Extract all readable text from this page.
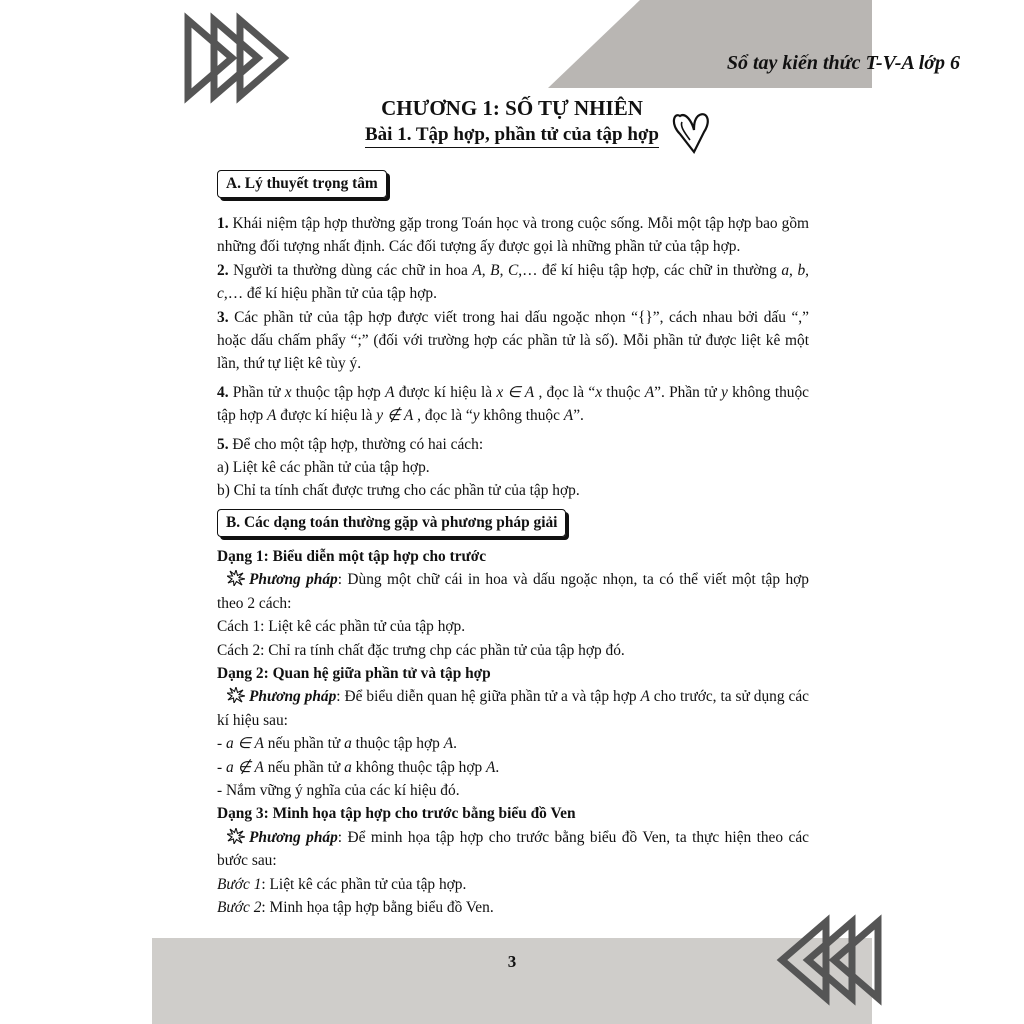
Sổ tay kiến thức T-V-A lớp 6
CHƯƠNG 1: SỐ TỰ NHIÊN
Bài 1. Tập hợp, phần tử của tập hợp
A. Lý thuyết trọng tâm

1. Khái niệm tập hợp thường gặp trong Toán học và trong cuộc sống. Mỗi một tập hợp bao gồm những đối tượng nhất định. Các đối tượng ấy được gọi là những phần tử của tập hợp.

2. Người ta thường dùng các chữ in hoa A, B, C,… để kí hiệu tập hợp, các chữ in thường a, b, c,… để kí hiệu phần tử của tập hợp.

3. Các phần tử của tập hợp được viết trong hai dấu ngoặc nhọn “{}”, cách nhau bởi dấu “,” hoặc dấu chấm phẩy “;” (đối với trường hợp các phần tử là số). Mỗi phần tử được liệt kê một lần, thứ tự liệt kê tùy ý.

4. Phần tử x thuộc tập hợp A được kí hiệu là x ∈ A , đọc là “x thuộc A”. Phần tử y không thuộc tập hợp A được kí hiệu là y ∉ A , đọc là “y không thuộc A”.

5. Để cho một tập hợp, thường có hai cách:

a) Liệt kê các phần tử của tập hợp.

b) Chỉ ta tính chất được trưng cho các phần tử của tập hợp.

B. Các dạng toán thường gặp và phương pháp giải

Dạng 1: Biểu diễn một tập hợp cho trước

Phương pháp: Dùng một chữ cái in hoa và dấu ngoặc nhọn, ta có thể viết một tập hợp theo 2 cách:

Cách 1: Liệt kê các phần tử của tập hợp.

Cách 2: Chỉ ra tính chất đặc trưng chp các phần tử của tập hợp đó.

Dạng 2: Quan hệ giữa phần tử và tập hợp

Phương pháp: Để biểu diễn quan hệ giữa phần tử a và tập hợp A cho trước, ta sử dụng các kí hiệu sau:

- a ∈ A nếu phần tử a thuộc tập hợp A.

- a ∉ A nếu phần tử a không thuộc tập hợp A.

- Nắm vững ý nghĩa của các kí hiệu đó.

Dạng 3: Minh họa tập hợp cho trước bằng biểu đồ Ven

Phương pháp: Để minh họa tập hợp cho trước bằng biểu đồ Ven, ta thực hiện theo các bước sau:

Bước 1: Liệt kê các phần tử của tập hợp.

Bước 2: Minh họa tập hợp bằng biểu đồ Ven.

3
